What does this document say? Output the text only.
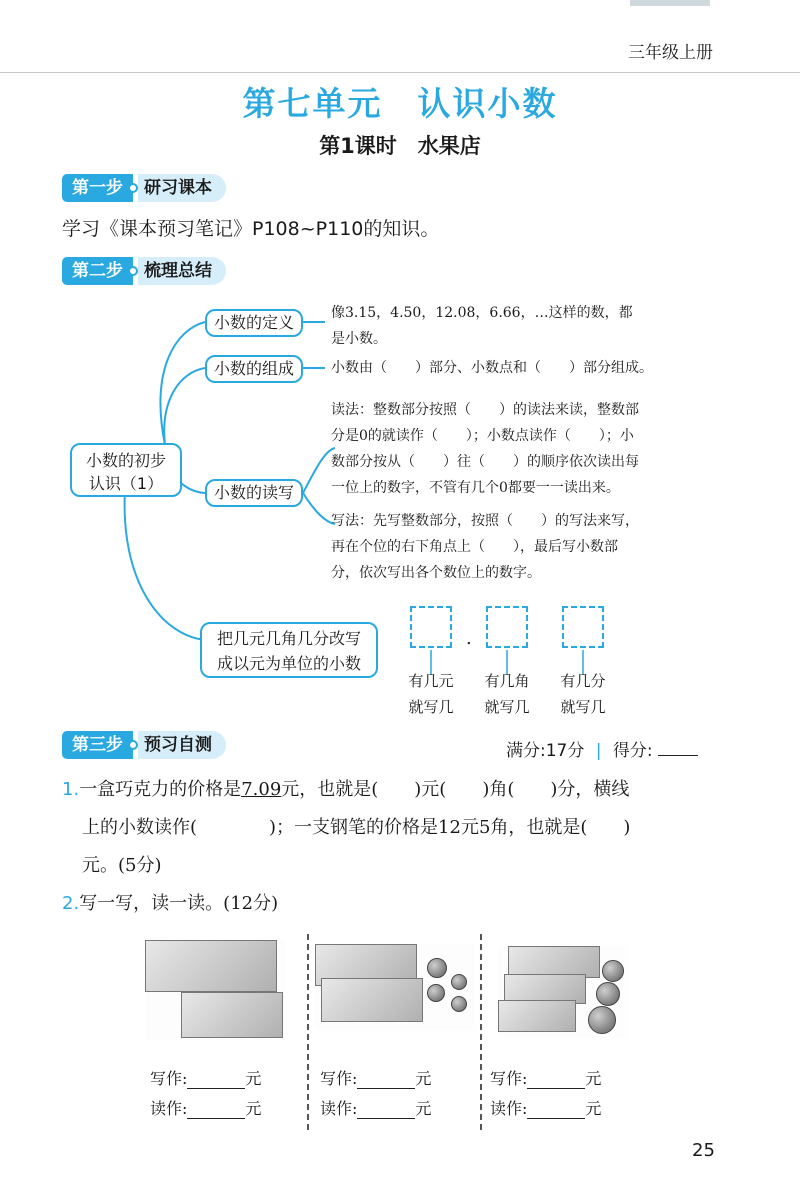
三年级上册
第七单元　认识小数
第1课时　水果店
第一步	研习课本
学习《课本预习笔记》P108~P110的知识。
第二步	梳理总结
小数的初步
认识（1）
小数的定义
小数的组成
小数的读写
把几元几角几分改写
成以元为单位的小数
像3.15，4.50，12.08，6.66，…这样的数，都
是小数。
小数由（　　）部分、小数点和（　　）部分组成。
读法：整数部分按照（　　）的读法来读，整数部
分是0的就读作（　　）；小数点读作（　　）；小
数部分按从（　　）往（　　）的顺序依次读出每
一位上的数字，不管有几个0都要一一读出来。
写法：先写整数部分，按照（　　）的写法来写，
再在个位的右下角点上（　　），最后写小数部
分，依次写出各个数位上的数字。
.
有几元
就写几
有几角
就写几
有几分
就写几
第三步	预习自测	满分:17分 | 得分:
1.一盒巧克力的价格是7.09元，也就是(　　)元(　　)角(　　)分，横线
上的小数读作(　　　　)；一支钢笔的价格是12元5角，也就是(　　)
元。(5分)
2.写一写，读一读。(12分)
写作:	元
读作:	元
写作:	元
读作:	元
写作:	元
读作:	元
25
